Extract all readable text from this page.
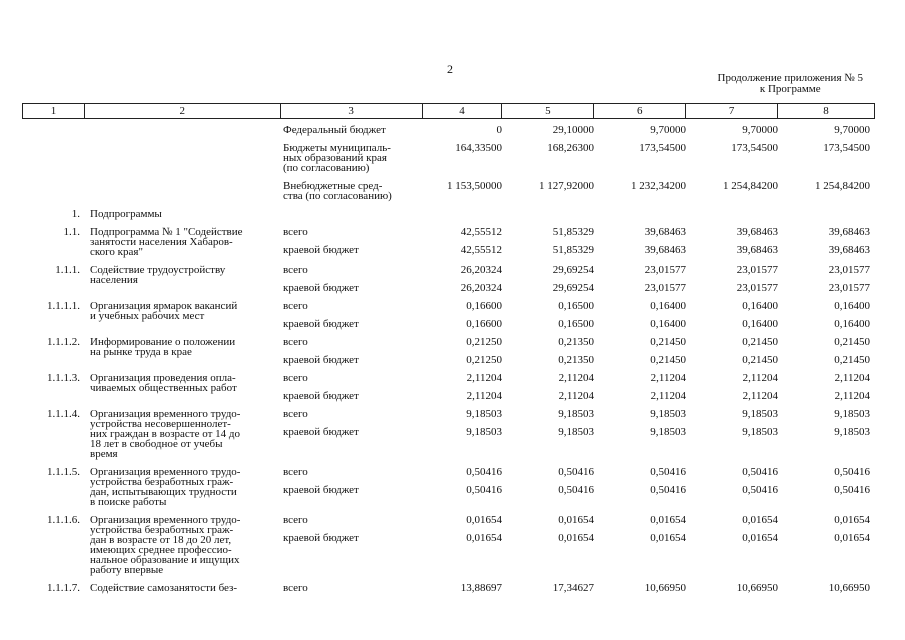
2
Продолжение приложения № 5
к Программе
1	2	3	4	5	6	7	8
Федеральный бюджет	0	29,10000	9,70000	9,70000	9,70000
Бюджеты муниципаль-
ных образований края
(по согласованию)
164,33500	168,26300	173,54500	173,54500	173,54500
Внебюджетные сред-
ства (по согласованию)
1 153,50000	1 127,92000	1 232,34200	1 254,84200	1 254,84200
1. Подпрограммы
1.1. Подпрограмма № 1 "Содействие
занятости населения Хабаров-
ского края"
всего	42,55512	51,85329	39,68463	39,68463	39,68463
краевой бюджет	42,55512	51,85329	39,68463	39,68463	39,68463
1.1.1. Содействие трудоустройству
населения
всего	26,20324	29,69254	23,01577	23,01577	23,01577
краевой бюджет	26,20324	29,69254	23,01577	23,01577	23,01577
1.1.1.1. Организация ярмарок вакансий
и учебных рабочих мест
всего	0,16600	0,16500	0,16400	0,16400	0,16400
краевой бюджет	0,16600	0,16500	0,16400	0,16400	0,16400
1.1.1.2. Информирование о положении
на рынке труда в крае
всего	0,21250	0,21350	0,21450	0,21450	0,21450
краевой бюджет	0,21250	0,21350	0,21450	0,21450	0,21450
1.1.1.3. Организация проведения опла-
чиваемых общественных работ
всего	2,11204	2,11204	2,11204	2,11204	2,11204
краевой бюджет	2,11204	2,11204	2,11204	2,11204	2,11204
1.1.1.4. Организация временного трудо-
устройства несовершеннолет-
них граждан в возрасте от 14 до
18 лет в свободное от учебы
время
всего	9,18503	9,18503	9,18503	9,18503	9,18503
краевой бюджет	9,18503	9,18503	9,18503	9,18503	9,18503
1.1.1.5. Организация временного трудо-
устройства безработных граж-
дан, испытывающих трудности
в поиске работы
всего	0,50416	0,50416	0,50416	0,50416	0,50416
краевой бюджет	0,50416	0,50416	0,50416	0,50416	0,50416
1.1.1.6. Организация временного трудо-
устройства безработных граж-
дан в возрасте от 18 до 20 лет,
имеющих среднее профессио-
нальное образование и ищущих
работу впервые
всего	0,01654	0,01654	0,01654	0,01654	0,01654
краевой бюджет	0,01654	0,01654	0,01654	0,01654	0,01654
1.1.1.7. Содействие самозанятости без-	всего	13,88697	17,34627	10,66950	10,66950	10,66950
